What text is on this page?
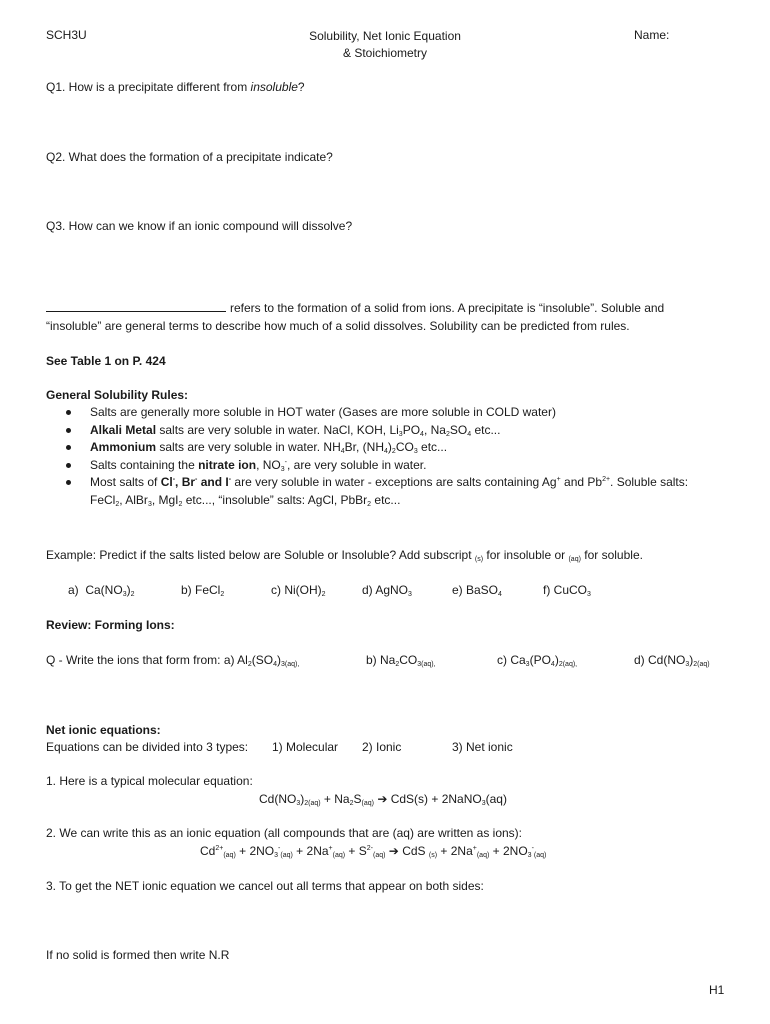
SCH3U	Solubility, Net Ionic Equation
& Stoichiometry
Name:
Q1. How is a precipitate different from insoluble?
Q2. What does the formation of a precipitate indicate?
Q3. How can we know if an ionic compound will dissolve?
refers to the formation of a solid from ions. A precipitate is “insoluble”. Soluble and
“insoluble” are general terms to describe how much of a solid dissolves. Solubility can be predicted from rules.
See Table 1 on P. 424
General Solubility Rules:
Salts are generally more soluble in HOT water (Gases are more soluble in COLD water)
Alkali Metal salts are very soluble in water. NaCl, KOH, $Li_3PO_4$, $Na_2SO_4$ etc...
Ammonium salts are very soluble in water. $NH_4Br$, $(NH_4)_2CO_3$ etc...
Salts containing the nitrate ion, $NO_3^-$, are very soluble in water.
Most salts of Cl-, Br- and I- are very soluble in water - exceptions are salts containing Ag+ and $Pb^{2+}$. Soluble salts:
FeCl$_2$, AlBr$_3$, MgI$_2$ etc..., “insoluble” salts: AgCl, PbBr$_2$ etc...
Example: Predict if the salts listed below are Soluble or Insoluble? Add subscript $_{(s)}$ for insoluble or $_{(aq)}$ for soluble.
a)  $Ca(NO_3)_2$	b) FeCl$_2$	c) $Ni(OH)_2$	d) AgNO$_3$	e) BaSO$_4$	f) CuCO$_3$
Review: Forming Ions:
Q - Write the ions that form from: a) $Al_2(SO_4)_{3(aq),}$	b) $Na_2CO_{3(aq),}$	c) $Ca_3(PO_4)_{2(aq),}$	d) $Cd(NO_3)_{2(aq)}$
Net ionic equations:
Equations can be divided into 3 types: 1) Molecular 2) Ionic	3) Net ionic
1. Here is a typical molecular equation:
$Cd(NO_3)_{2(aq)} + Na_2S_{(aq)}$ ➔ CdS(s) + 2NaNO$_3$(aq)
2. We can write this as an ionic equation (all compounds that are (aq) are written as ions):
$Cd^{2+}_{(aq)} + 2NO_3^-_{(aq)} + 2Na^+_{(aq)} + S^{2-}_{(aq)}$ ➔ CdS $_{(s)} + 2Na^+_{(aq)} + 2NO_3^-_{(aq)}$
3. To get the NET ionic equation we cancel out all terms that appear on both sides:
If no solid is formed then write N.R
H1
